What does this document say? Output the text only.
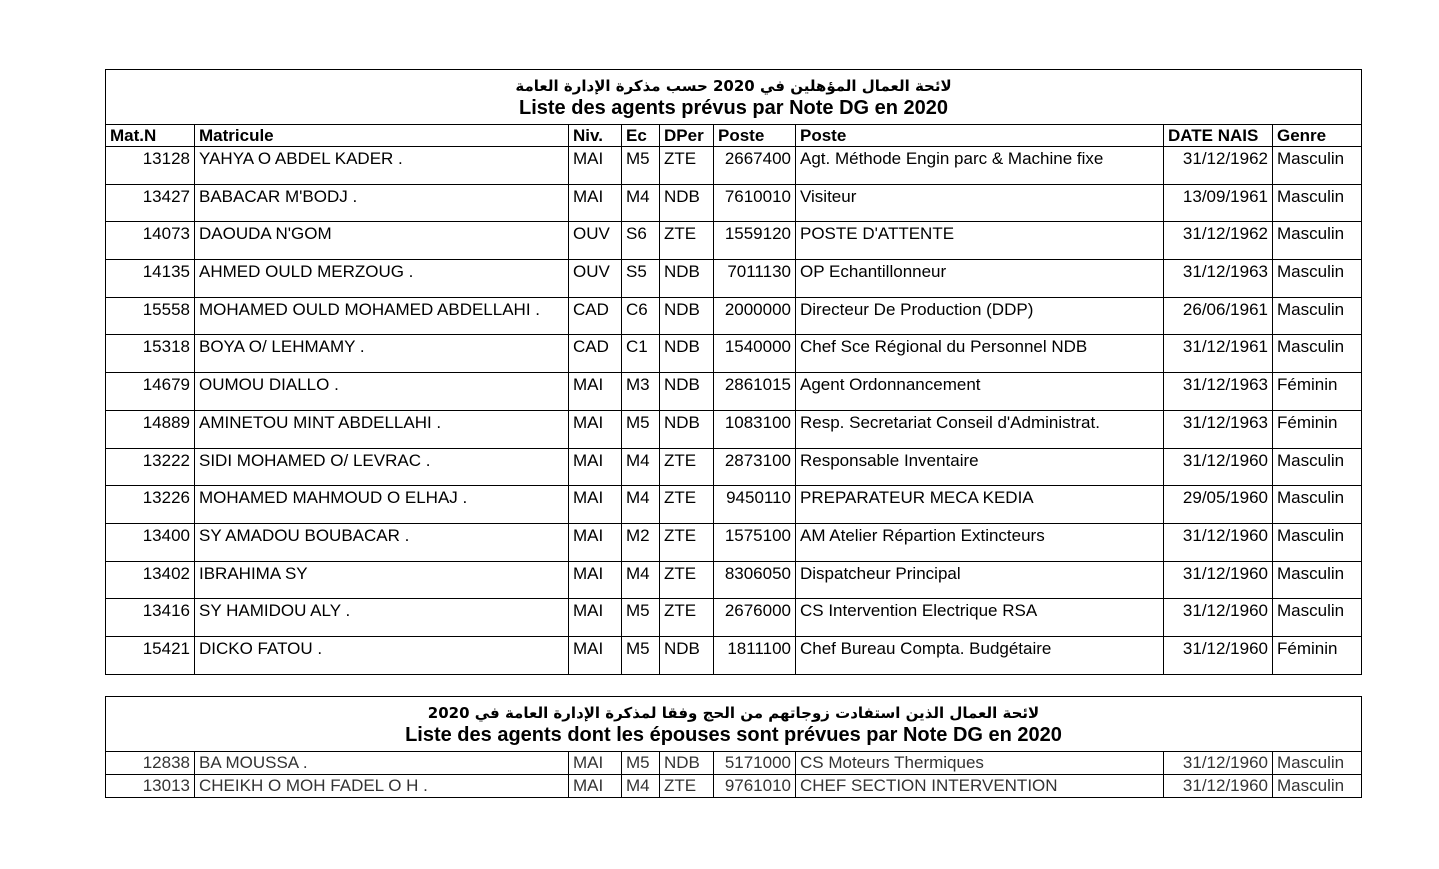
لائحة العمال المؤهلين في 2020 حسب مذكرة الإدارة العامة
Liste des agents prévus par Note DG en 2020								

Mat.N	Matricule	Niv.	Ec	DPer	Poste	Poste	DATE NAIS	Genre
13128	YAHYA O ABDEL KADER .	MAI	M5	ZTE	2667400	Agt. Méthode Engin parc & Machine fixe	31/12/1962	Masculin
13427	BABACAR M'BODJ .	MAI	M4	NDB	7610010	Visiteur	13/09/1961	Masculin
14073	DAOUDA N'GOM	OUV	S6	ZTE	1559120	POSTE D'ATTENTE	31/12/1962	Masculin
14135	AHMED OULD MERZOUG .	OUV	S5	NDB	7011130	OP Echantillonneur	31/12/1963	Masculin
15558	MOHAMED OULD MOHAMED ABDELLAHI .	CAD	C6	NDB	2000000	Directeur De Production (DDP)	26/06/1961	Masculin
15318	BOYA O/ LEHMAMY .	CAD	C1	NDB	1540000	Chef Sce Régional du Personnel NDB	31/12/1961	Masculin
14679	OUMOU DIALLO .	MAI	M3	NDB	2861015	Agent Ordonnancement	31/12/1963	Féminin
14889	AMINETOU MINT ABDELLAHI .	MAI	M5	NDB	1083100	Resp. Secretariat Conseil d'Administrat.	31/12/1963	Féminin
13222	SIDI MOHAMED O/ LEVRAC .	MAI	M4	ZTE	2873100	Responsable Inventaire	31/12/1960	Masculin
13226	MOHAMED MAHMOUD O ELHAJ .	MAI	M4	ZTE	9450110	PREPARATEUR MECA KEDIA	29/05/1960	Masculin
13400	SY AMADOU BOUBACAR .	MAI	M2	ZTE	1575100	AM Atelier Répartion Extincteurs	31/12/1960	Masculin
13402	IBRAHIMA SY	MAI	M4	ZTE	8306050	Dispatcheur Principal	31/12/1960	Masculin
13416	SY HAMIDOU ALY .	MAI	M5	ZTE	2676000	CS Intervention Electrique RSA	31/12/1960	Masculin
15421	DICKO FATOU .	MAI	M5	NDB	1811100	Chef Bureau Compta. Budgétaire	31/12/1960	Féminin
لائحة العمال الذين استفادت زوجاتهم من الحج وفقا لمذكرة الإدارة العامة في 2020
Liste des agents dont les épouses sont prévues par Note DG en 2020								

12838	BA MOUSSA .	MAI	M5	NDB	5171000	CS Moteurs Thermiques	31/12/1960	Masculin
13013	CHEIKH O MOH FADEL O H .	MAI	M4	ZTE	9761010	CHEF SECTION INTERVENTION	31/12/1960	Masculin
